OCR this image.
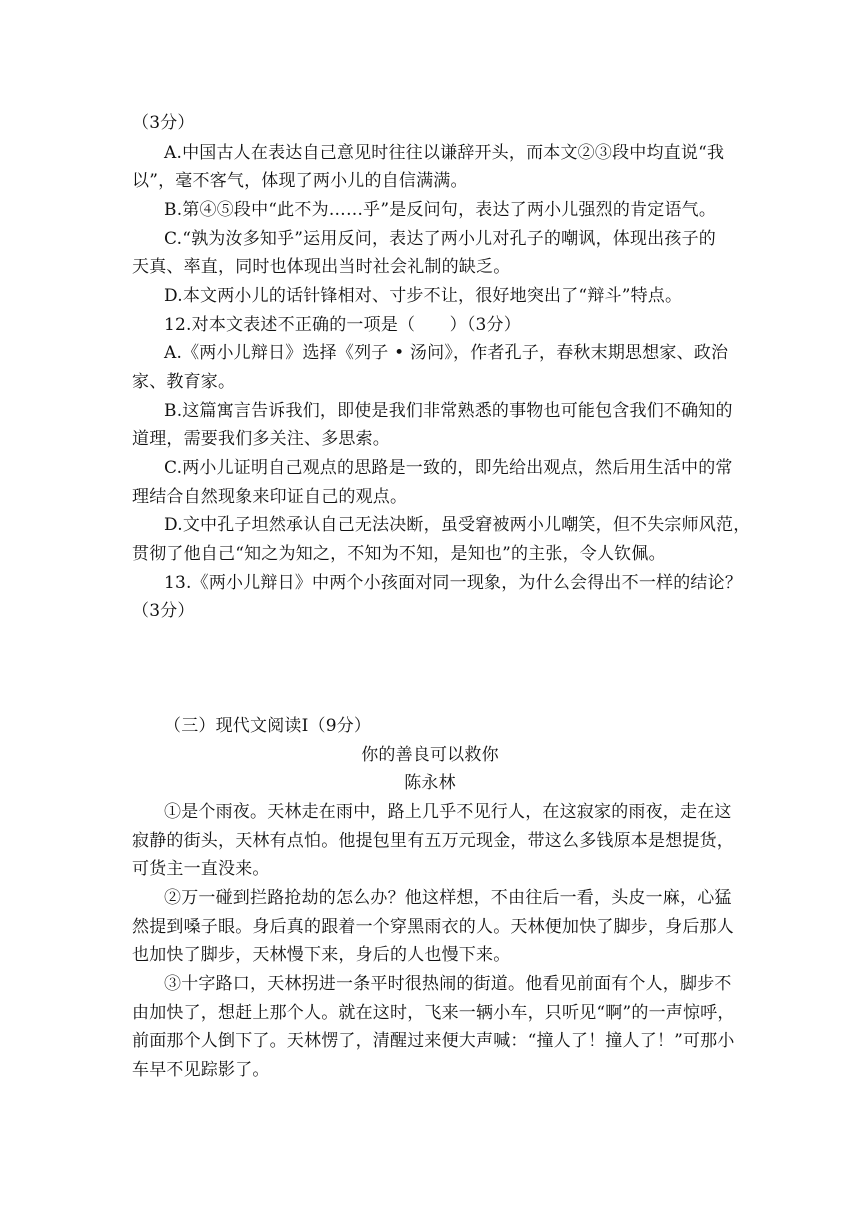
（3分）
A.中国古人在表达自己意见时往往以谦辞开头，而本文②③段中均直说“我
以”，毫不客气，体现了两小儿的自信满满。
B.第④⑤段中“此不为……乎”是反问句，表达了两小儿强烈的肯定语气。
C.“孰为汝多知乎”运用反问，表达了两小儿对孔子的嘲讽，体现出孩子的
天真、率直，同时也体现出当时社会礼制的缺乏。
D.本文两小儿的话针锋相对、寸步不让，很好地突出了“辩斗”特点。
12.对本文表述不正确的一项是（　　）（3分）
A.《两小儿辩日》选择《列子 • 汤问》，作者孔子，春秋末期思想家、政治
家、教育家。
B.这篇寓言告诉我们，即使是我们非常熟悉的事物也可能包含我们不确知的
道理，需要我们多关注、多思索。
C.两小儿证明自己观点的思路是一致的，即先给出观点，然后用生活中的常
理结合自然现象来印证自己的观点。
D.文中孔子坦然承认自己无法决断，虽受窘被两小儿嘲笑，但不失宗师风范，
贯彻了他自己“知之为知之，不知为不知，是知也”的主张，令人钦佩。
13.《两小儿辩日》中两个小孩面对同一现象，为什么会得出不一样的结论？
（3分）
（三）现代文阅读I（9分）
你的善良可以救你
陈永林
①是个雨夜。天林走在雨中，路上几乎不见行人，在这寂家的雨夜，走在这
寂静的街头，天林有点怕。他提包里有五万元现金，带这么多钱原本是想提货，
可货主一直没来。
②万一碰到拦路抢劫的怎么办？他这样想，不由往后一看，头皮一麻，心猛
然提到嗓子眼。身后真的跟着一个穿黑雨衣的人。天林便加快了脚步，身后那人
也加快了脚步，天林慢下来，身后的人也慢下来。
③十字路口，天林拐进一条平时很热闹的街道。他看见前面有个人，脚步不
由加快了，想赶上那个人。就在这时，飞来一辆小车，只听见“啊”的一声惊呼，
前面那个人倒下了。天林愣了，清醒过来便大声喊：“撞人了！撞人了！”可那小
车早不见踪影了。
